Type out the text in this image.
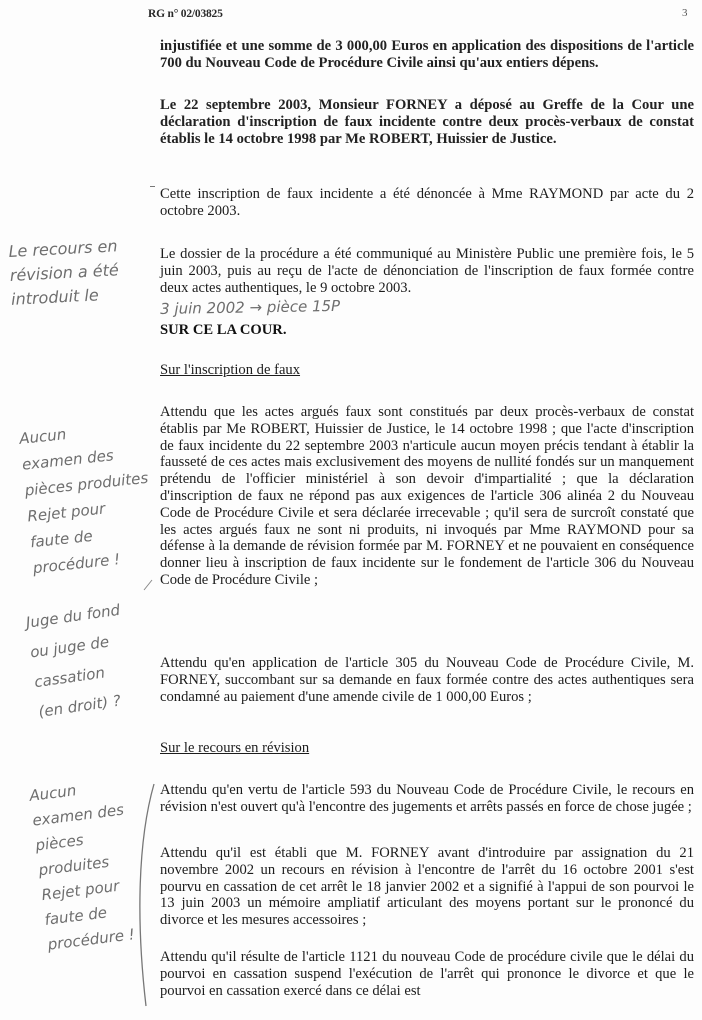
RG n° 02/03825	3

injustifiée et une somme de 3 000,00 Euros en application des dispositions de l'article 700 du Nouveau Code de Procédure Civile ainsi qu'aux entiers dépens.

Le 22 septembre 2003, Monsieur FORNEY a déposé au Greffe de la Cour une déclaration d'inscription de faux incidente contre deux procès-verbaux de constat établis le 14 octobre 1998 par Me ROBERT, Huissier de Justice.

Cette inscription de faux incidente a été dénoncée à Mme RAYMOND par acte du 2 octobre 2003.

Le dossier de la procédure a été communiqué au Ministère Public une première fois, le 5 juin 2003, puis au reçu de l'acte de dénonciation de l'inscription de faux formée contre deux actes authentiques, le 9 octobre 2003.

SUR CE LA COUR.
Sur l'inscription de faux

Attendu que les actes argués faux sont constitués par deux procès-verbaux de constat établis par Me ROBERT, Huissier de Justice, le 14 octobre 1998 ; que l'acte d'inscription de faux incidente du 22 septembre 2003 n'articule aucun moyen précis tendant à établir la fausseté de ces actes mais exclusivement des moyens de nullité fondés sur un manquement prétendu de l'officier ministériel à son devoir d'impartialité ; que la déclaration d'inscription de faux ne répond pas aux exigences de l'article 306 alinéa 2 du Nouveau Code de Procédure Civile et sera déclarée irrecevable ; qu'il sera de surcroît constaté que les actes argués faux ne sont ni produits, ni invoqués par Mme RAYMOND pour sa défense à la demande de révision formée par M. FORNEY et ne pouvaient en conséquence donner lieu à inscription de faux incidente sur le fondement de l'article 306 du Nouveau Code de Procédure Civile ;

Attendu qu'en application de l'article 305 du Nouveau Code de Procédure Civile, M. FORNEY, succombant sur sa demande en faux formée contre des actes authentiques sera condamné au paiement d'une amende civile de 1 000,00 Euros ;

Sur le recours en révision

Attendu qu'en vertu de l'article 593 du Nouveau Code de Procédure Civile, le recours en révision n'est ouvert qu'à l'encontre des jugements et arrêts passés en force de chose jugée ;

Attendu qu'il est établi que M. FORNEY avant d'introduire par assignation du 21 novembre 2002 un recours en révision à l'encontre de l'arrêt du 16 octobre 2001 s'est pourvu en cassation de cet arrêt le 18 janvier 2002 et a signifié à l'appui de son pourvoi le 13 juin 2003 un mémoire ampliatif articulant des moyens portant sur le prononcé du divorce et les mesures accessoires ;

Attendu qu'il résulte de l'article 1121 du nouveau Code de procédure civile que le délai du pourvoi en cassation suspend l'exécution de l'arrêt qui prononce le divorce et que le pourvoi en cassation exercé dans ce délai est

Le recours en
révision a été
introduit le	3 juin 2002 → pièce 15P
Aucun
examen des
pièces produites
Rejet pour
faute de
procédure !
Juge du fond
ou juge de
cassation
(en droit) ?
Aucun
examen des
pièces
produites
Rejet pour
faute de
procédure !
